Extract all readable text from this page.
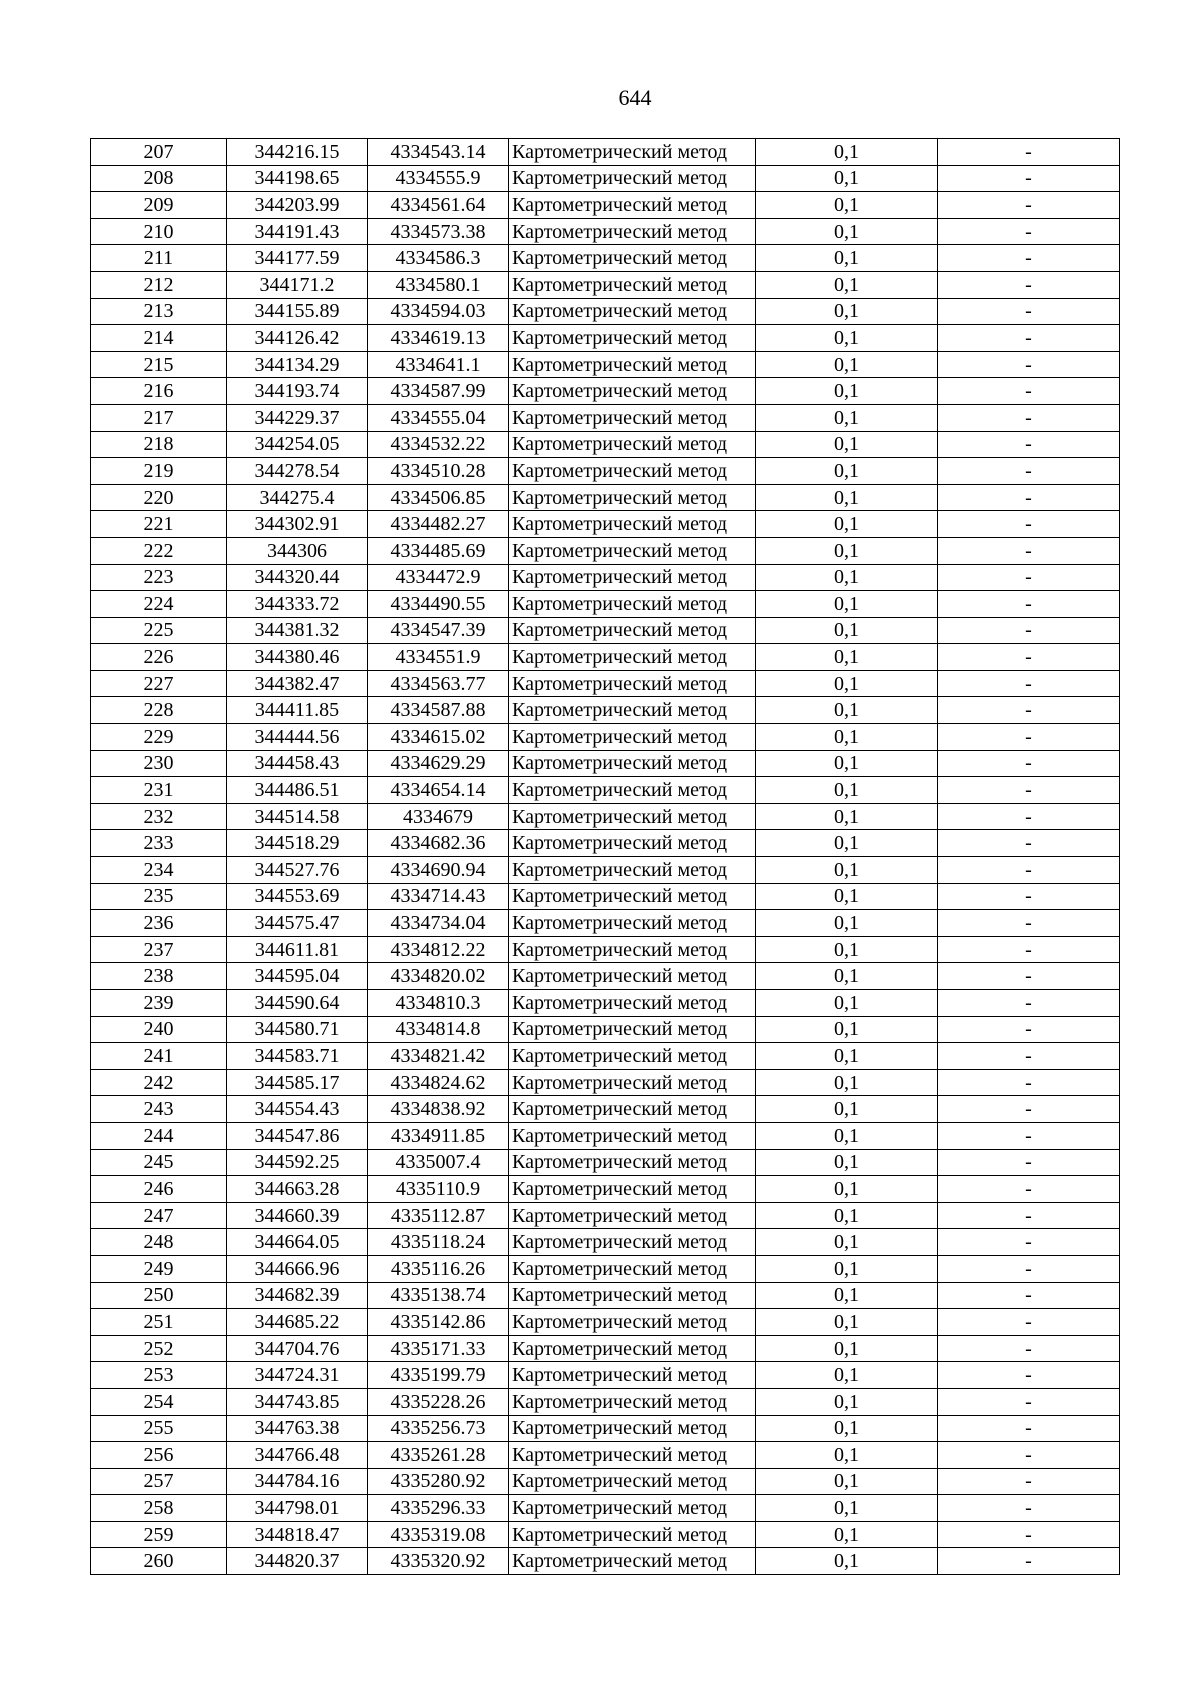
644
207	344216.15	4334543.14	Картометрический метод	0,1	-
208	344198.65	4334555.9	Картометрический метод	0,1	-
209	344203.99	4334561.64	Картометрический метод	0,1	-
210	344191.43	4334573.38	Картометрический метод	0,1	-
211	344177.59	4334586.3	Картометрический метод	0,1	-
212	344171.2	4334580.1	Картометрический метод	0,1	-
213	344155.89	4334594.03	Картометрический метод	0,1	-
214	344126.42	4334619.13	Картометрический метод	0,1	-
215	344134.29	4334641.1	Картометрический метод	0,1	-
216	344193.74	4334587.99	Картометрический метод	0,1	-
217	344229.37	4334555.04	Картометрический метод	0,1	-
218	344254.05	4334532.22	Картометрический метод	0,1	-
219	344278.54	4334510.28	Картометрический метод	0,1	-
220	344275.4	4334506.85	Картометрический метод	0,1	-
221	344302.91	4334482.27	Картометрический метод	0,1	-
222	344306	4334485.69	Картометрический метод	0,1	-
223	344320.44	4334472.9	Картометрический метод	0,1	-
224	344333.72	4334490.55	Картометрический метод	0,1	-
225	344381.32	4334547.39	Картометрический метод	0,1	-
226	344380.46	4334551.9	Картометрический метод	0,1	-
227	344382.47	4334563.77	Картометрический метод	0,1	-
228	344411.85	4334587.88	Картометрический метод	0,1	-
229	344444.56	4334615.02	Картометрический метод	0,1	-
230	344458.43	4334629.29	Картометрический метод	0,1	-
231	344486.51	4334654.14	Картометрический метод	0,1	-
232	344514.58	4334679	Картометрический метод	0,1	-
233	344518.29	4334682.36	Картометрический метод	0,1	-
234	344527.76	4334690.94	Картометрический метод	0,1	-
235	344553.69	4334714.43	Картометрический метод	0,1	-
236	344575.47	4334734.04	Картометрический метод	0,1	-
237	344611.81	4334812.22	Картометрический метод	0,1	-
238	344595.04	4334820.02	Картометрический метод	0,1	-
239	344590.64	4334810.3	Картометрический метод	0,1	-
240	344580.71	4334814.8	Картометрический метод	0,1	-
241	344583.71	4334821.42	Картометрический метод	0,1	-
242	344585.17	4334824.62	Картометрический метод	0,1	-
243	344554.43	4334838.92	Картометрический метод	0,1	-
244	344547.86	4334911.85	Картометрический метод	0,1	-
245	344592.25	4335007.4	Картометрический метод	0,1	-
246	344663.28	4335110.9	Картометрический метод	0,1	-
247	344660.39	4335112.87	Картометрический метод	0,1	-
248	344664.05	4335118.24	Картометрический метод	0,1	-
249	344666.96	4335116.26	Картометрический метод	0,1	-
250	344682.39	4335138.74	Картометрический метод	0,1	-
251	344685.22	4335142.86	Картометрический метод	0,1	-
252	344704.76	4335171.33	Картометрический метод	0,1	-
253	344724.31	4335199.79	Картометрический метод	0,1	-
254	344743.85	4335228.26	Картометрический метод	0,1	-
255	344763.38	4335256.73	Картометрический метод	0,1	-
256	344766.48	4335261.28	Картометрический метод	0,1	-
257	344784.16	4335280.92	Картометрический метод	0,1	-
258	344798.01	4335296.33	Картометрический метод	0,1	-
259	344818.47	4335319.08	Картометрический метод	0,1	-
260	344820.37	4335320.92	Картометрический метод	0,1	-
